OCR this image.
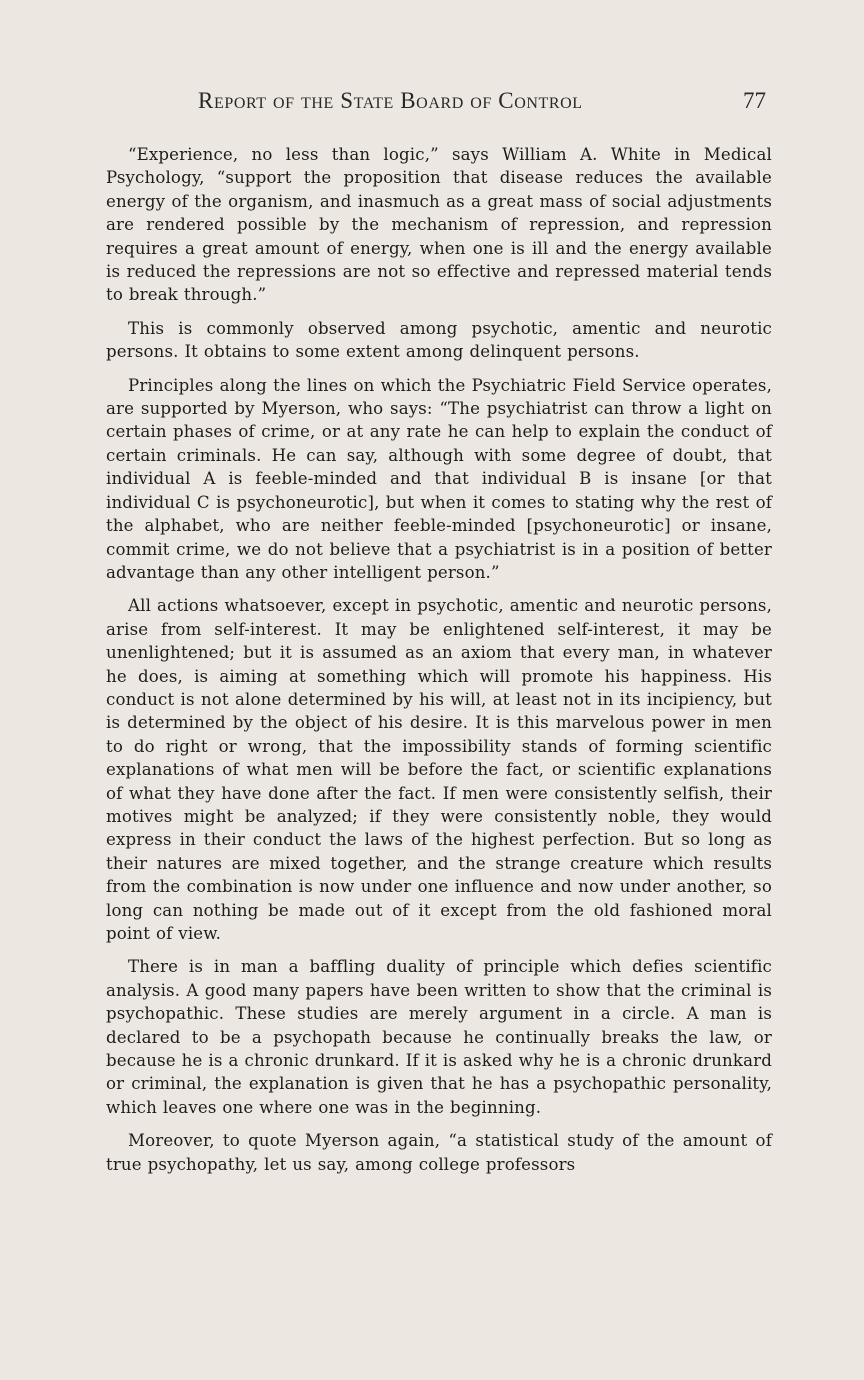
Report of the State Board of Control	77

“Experience, no less than logic,” says William A. White in Medical Psychology, “support the proposition that disease reduces the available energy of the organism, and inasmuch as a great mass of social adjustments are rendered possible by the mechanism of repression, and repression requires a great amount of energy, when one is ill and the energy available is reduced the repressions are not so effective and repressed material tends to break through.”

This is commonly observed among psychotic, amentic and neurotic persons. It obtains to some extent among delinquent persons.

Principles along the lines on which the Psychiatric Field Service operates, are supported by Myerson, who says: “The psychiatrist can throw a light on certain phases of crime, or at any rate he can help to explain the conduct of certain criminals. He can say, although with some degree of doubt, that individual A is feeble-minded and that individual B is insane [or that individual C is psychoneurotic], but when it comes to stating why the rest of the alphabet, who are neither feeble-minded [psychoneurotic] or insane, commit crime, we do not believe that a psychiatrist is in a position of better advantage than any other intelligent person.”

All actions whatsoever, except in psychotic, amentic and neurotic persons, arise from self-interest. It may be enlightened self-interest, it may be unenlightened; but it is assumed as an axiom that every man, in whatever he does, is aiming at something which will promote his happiness. His conduct is not alone determined by his will, at least not in its incipiency, but is determined by the object of his desire. It is this marvelous power in men to do right or wrong, that the impossibility stands of forming scientific explanations of what men will be before the fact, or scientific explanations of what they have done after the fact. If men were consistently selfish, their motives might be analyzed; if they were consistently noble, they would express in their conduct the laws of the highest perfection. But so long as their natures are mixed together, and the strange creature which results from the combination is now under one influence and now under another, so long can nothing be made out of it except from the old fashioned moral point of view.

There is in man a baffling duality of principle which defies scientific analysis. A good many papers have been written to show that the criminal is psychopathic. These studies are merely argument in a circle. A man is declared to be a psychopath because he continually breaks the law, or because he is a chronic drunkard. If it is asked why he is a chronic drunkard or criminal, the explanation is given that he has a psychopathic personality, which leaves one where one was in the beginning.

Moreover, to quote Myerson again, “a statistical study of the amount of true psychopathy, let us say, among college professors
